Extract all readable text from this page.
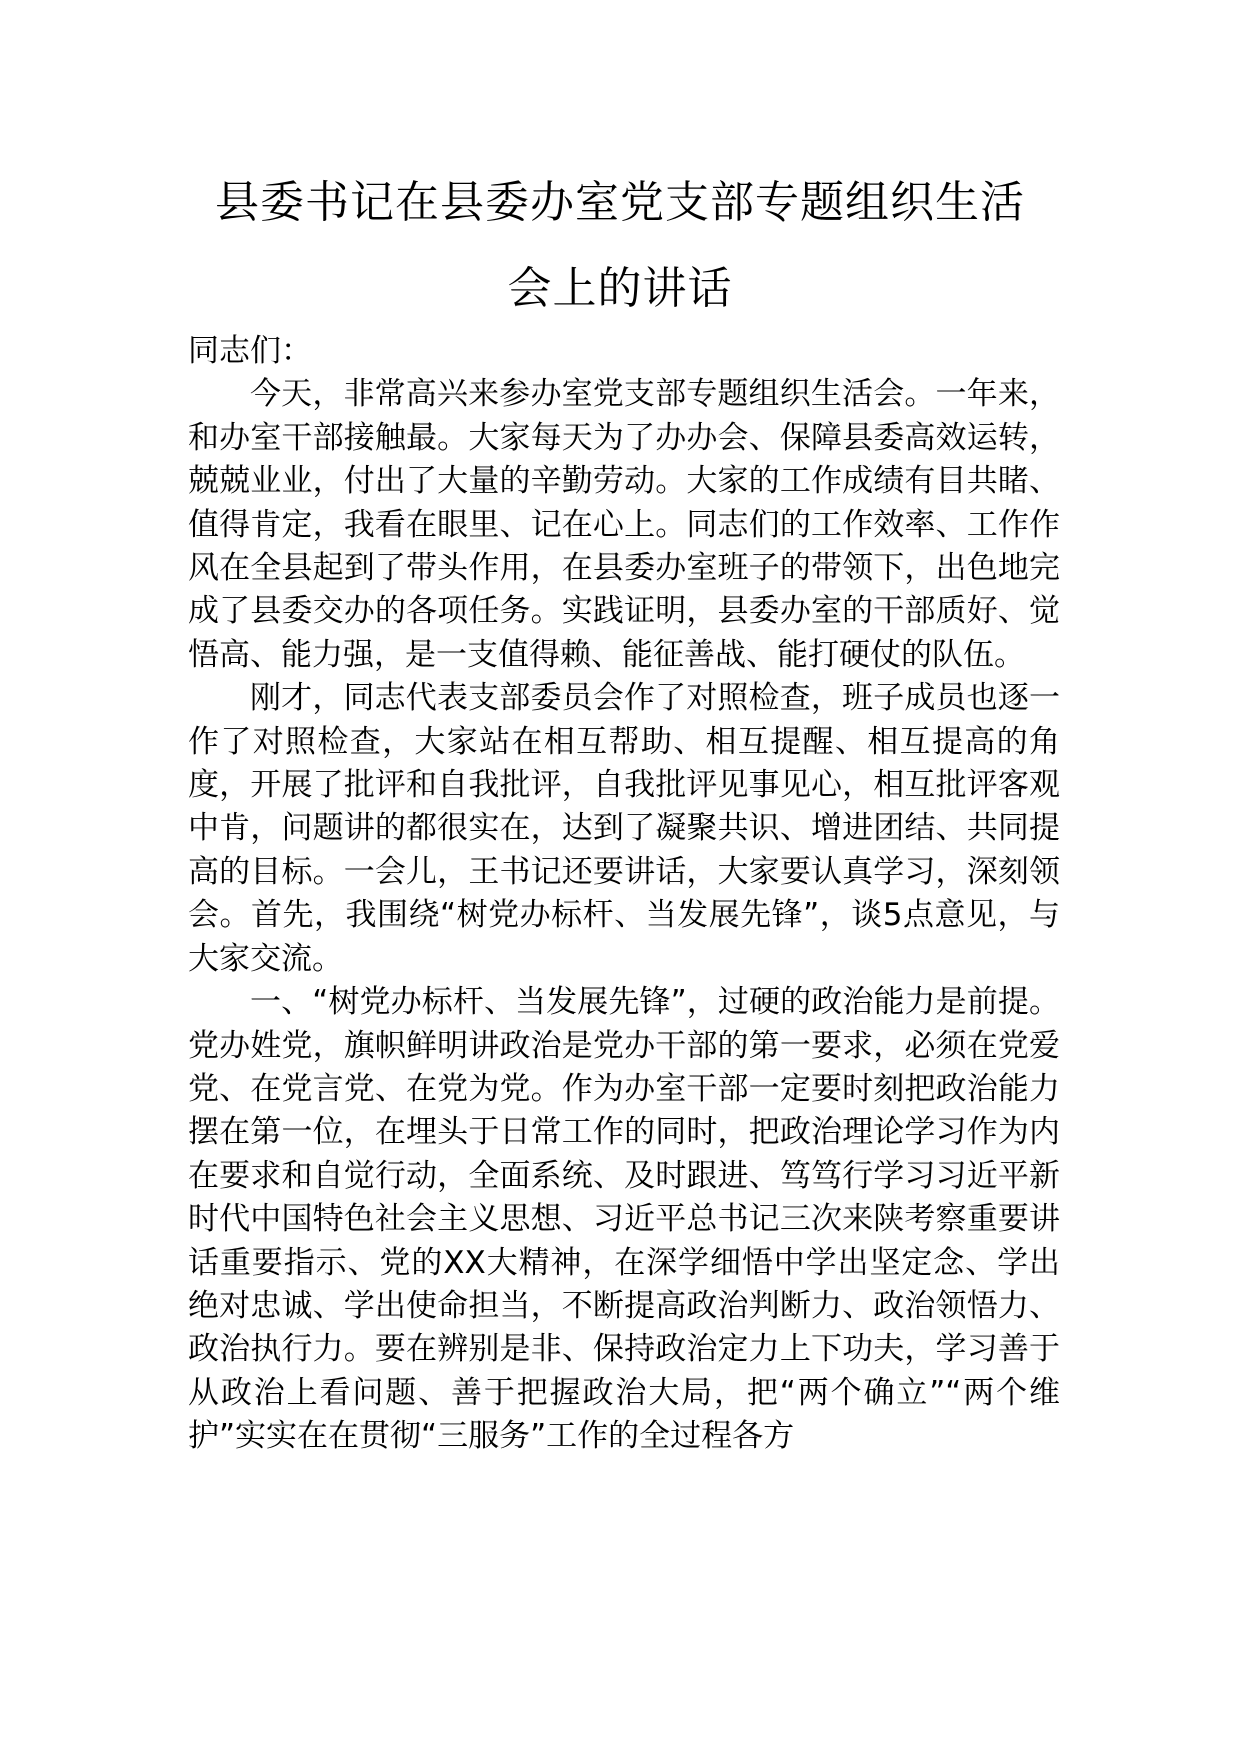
县委书记在县委办室党支部专题组织生活
会上的讲话

同志们：

今天，非常高兴来参办室党支部专题组织生活会。一年来，和办室干部接触最。大家每天为了办办会、保障县委高效运转，兢兢业业，付出了大量的辛勤劳动。大家的工作成绩有目共睹、值得肯定，我看在眼里、记在心上。同志们的工作效率、工作作风在全县起到了带头作用，在县委办室班子的带领下，出色地完成了县委交办的各项任务。实践证明，县委办室的干部质好、觉悟高、能力强，是一支值得赖、能征善战、能打硬仗的队伍。

刚才，同志代表支部委员会作了对照检查，班子成员也逐一作了对照检查，大家站在相互帮助、相互提醒、相互提高的角度，开展了批评和自我批评，自我批评见事见心，相互批评客观中肯，问题讲的都很实在，达到了凝聚共识、增进团结、共同提高的目标。一会儿，王书记还要讲话，大家要认真学习，深刻领会。首先，我围绕“树党办标杆、当发展先锋”，谈5点意见，与大家交流。

一、“树党办标杆、当发展先锋”，过硬的政治能力是前提。党办姓党，旗帜鲜明讲政治是党办干部的第一要求，必须在党爱党、在党言党、在党为党。作为办室干部一定要时刻把政治能力摆在第一位，在埋头于日常工作的同时，把政治理论学习作为内在要求和自觉行动，全面系统、及时跟进、笃笃行学习习近平新时代中国特色社会主义思想、习近平总书记三次来陕考察重要讲话重要指示、党的XX大精神，在深学细悟中学出坚定念、学出绝对忠诚、学出使命担当，不断提高政治判断力、政治领悟力、政治执行力。要在辨别是非、保持政治定力上下功夫，学习善于从政治上看问题、善于把握政治大局，把“两个确立”“两个维护”实实在在贯彻“三服务”工作的全过程各方
